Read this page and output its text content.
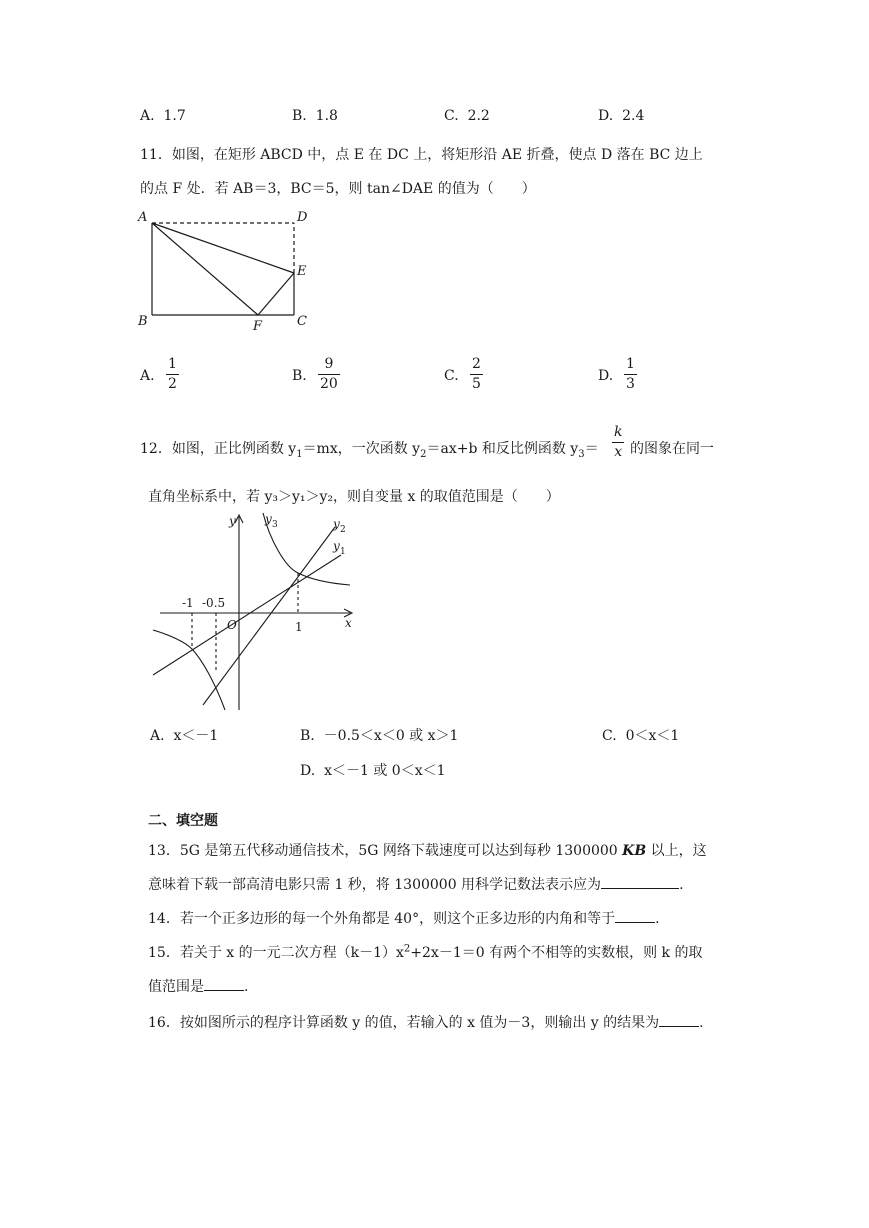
A. 1.7	B. 1.8	C. 2.2	D. 2.4
11．如图，在矩形 ABCD 中，点 E 在 DC 上，将矩形沿 AE 折叠，使点 D 落在 BC 边上
的点 F 处．若 AB＝3，BC＝5，则 tan∠DAE 的值为（　　）
A	D
E
B	F	C
A.
1
2	B.
9
20	C.
2
5	D.
1
3
12．如图，正比例函数 $y_1=mx$，一次函数 $y_2=ax+b$ 和反比例函数 $y_3=$
k
x 的图象在同一
直角坐标系中，若 y₃＞y₁＞y₂，则自变量 x 的取值范围是（　　）
y y 3	y 2
y 1
x
O
-1 -0.5
1
A. x＜－1	B. －0.5＜x＜0 或 x＞1	C. 0＜x＜1
D. x＜－1 或 0＜x＜1
二、填空题
13．5G 是第五代移动通信技术，5G 网络下载速度可以达到每秒 1300000 KB 以上，这
意味着下载一部高清电影只需 1 秒，将 1300000 用科学记数法表示应为	.
14．若一个正多边形的每一个外角都是 40°，则这个正多边形的内角和等于	.
15．若关于 x 的一元二次方程$(k-1)x^2+2x-1=0$ 有两个不相等的实数根，则 k 的取
值范围是	.
16．按如图所示的程序计算函数 y 的值，若输入的 x 值为－3，则输出 y 的结果为	.
